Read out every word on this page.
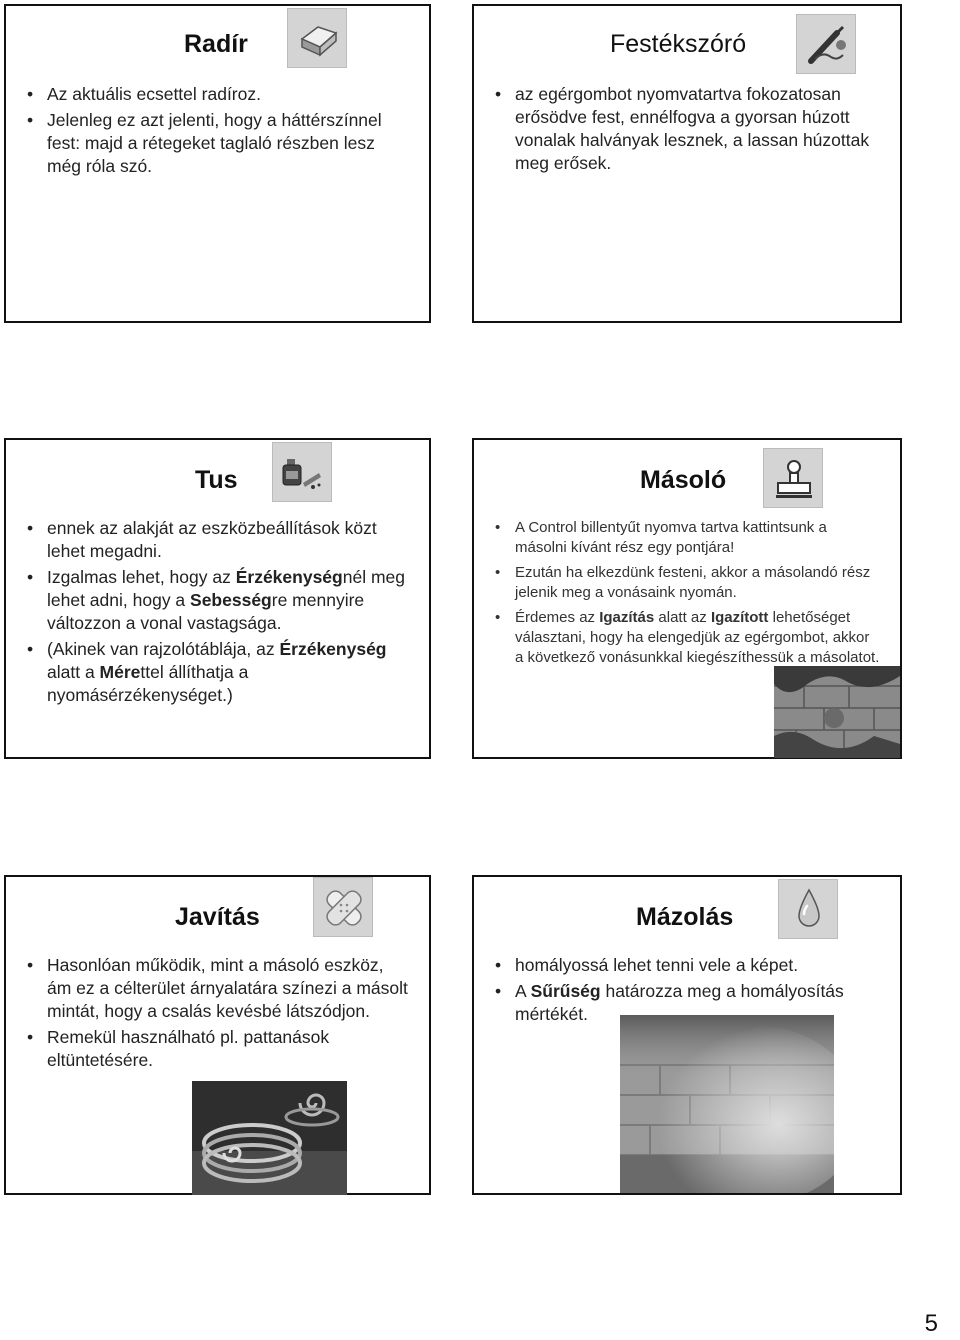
Radír
• Az aktuális ecsettel radíroz.
• Jelenleg ez azt jelenti, hogy a háttérszínnel fest: majd a rétegeket taglaló részben lesz még róla szó.
Festékszóró
• az egérgombot nyomvatartva fokozatosan erősödve fest, ennélfogva a gyorsan húzott vonalak halványak lesznek, a lassan húzottak meg erősek.
Tus
• ennek az alakját az eszközbeállítások közt lehet megadni.
• Izgalmas lehet, hogy az Érzékenységnél meg lehet adni, hogy a Sebességre mennyire változzon a vonal vastagsága.
• (Akinek van rajzolótáblája, az Érzékenység alatt a Mérettel állíthatja a nyomásérzékenységet.)
Másoló
• A Control billentyűt nyomva tartva kattintsunk a másolni kívánt rész egy pontjára!
• Ezután ha elkezdünk festeni, akkor a másolandó rész jelenik meg a vonásaink nyomán.
• Érdemes az Igazítás alatt az Igazított lehetőséget választani, hogy ha elengedjük az egérgombot, akkor a következő vonásunkkal kiegészíthessük a másolatot.
Javítás
• Hasonlóan működik, mint a másoló eszköz, ám ez a célterület árnyalatára színezi a másolt mintát, hogy a csalás kevésbé látszódjon.
• Remekül használható pl. pattanások eltüntetésére.
Mázolás
• homályossá lehet tenni vele a képet.
• A Sűrűség határozza meg a homályosítás mértékét.
5
